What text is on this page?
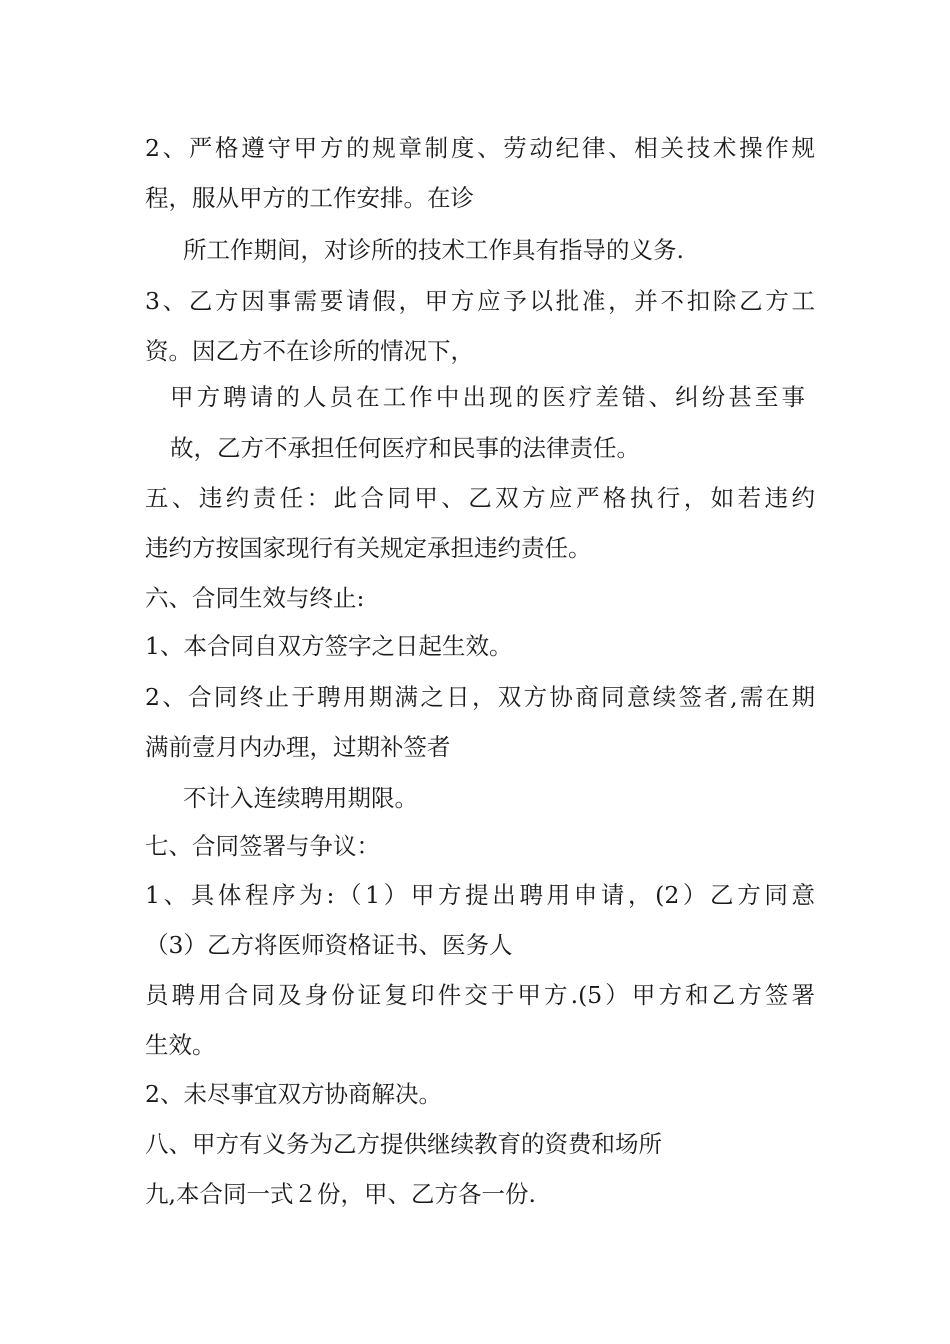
2、严格遵守甲方的规章制度、劳动纪律、相关技术操作规
程，服从甲方的工作安排。在诊
所工作期间，对诊所的技术工作具有指导的义务.
3、乙方因事需要请假，甲方应予以批准，并不扣除乙方工
资。因乙方不在诊所的情况下，
甲方聘请的人员在工作中出现的医疗差错、纠纷甚至事
故，乙方不承担任何医疗和民事的法律责任。
五、违约责任：此合同甲、乙双方应严格执行，如若违约
违约方按国家现行有关规定承担违约责任。
六、合同生效与终止:
1、本合同自双方签字之日起生效。
2、合同终止于聘用期满之日，双方协商同意续签者,需在期
满前壹月内办理，过期补签者
不计入连续聘用期限。
七、合同签署与争议：
1、具体程序为:（1）甲方提出聘用申请，(2）乙方同意
（3）乙方将医师资格证书、医务人
员聘用合同及身份证复印件交于甲方.(5）甲方和乙方签署
生效。
2、未尽事宜双方协商解决。
八、甲方有义务为乙方提供继续教育的资费和场所
九,本合同一式２份，甲、乙方各一份.
